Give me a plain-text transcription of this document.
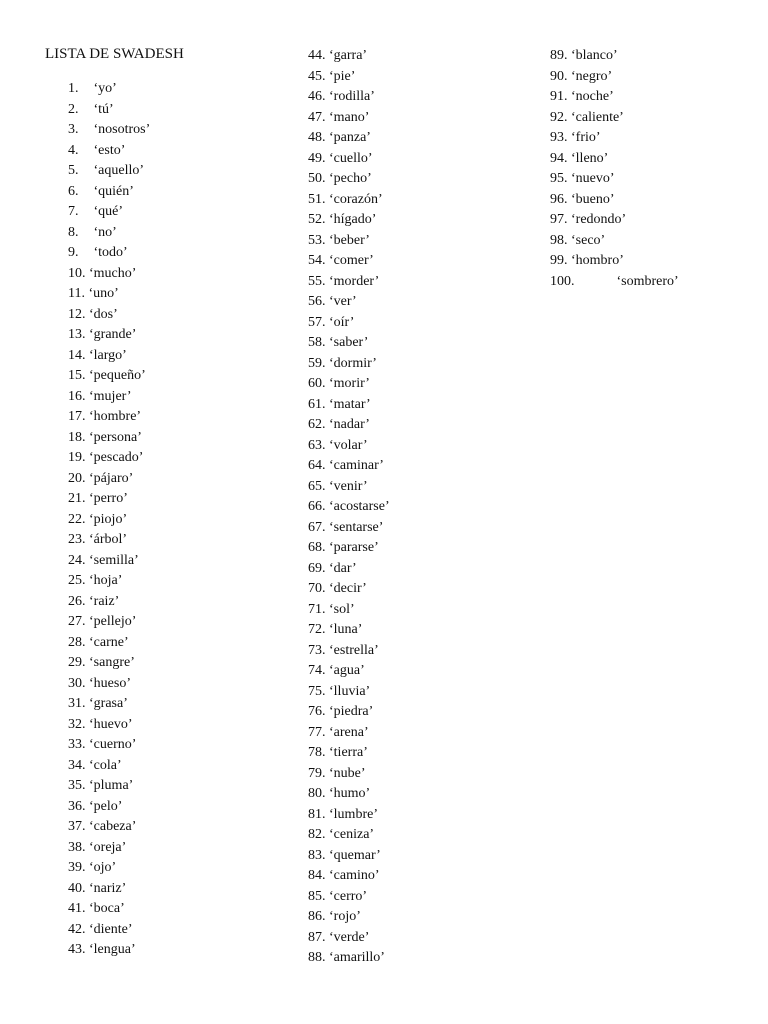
LISTA DE SWADESH
1. ‘yo’
2. ‘tú’
3. ‘nosotros’
4. ‘esto’
5. ‘aquello’
6. ‘quién’
7. ‘qué’
8. ‘no’
9. ‘todo’
10. ‘mucho’
11. ‘uno’
12. ‘dos’
13. ‘grande’
14. ‘largo’
15. ‘pequeño’
16. ‘mujer’
17. ‘hombre’
18. ‘persona’
19. ‘pescado’
20. ‘pájaro’
21. ‘perro’
22. ‘piojo’
23. ‘árbol’
24. ‘semilla’
25. ‘hoja’
26. ‘raiz’
27. ‘pellejo’
28. ‘carne’
29. ‘sangre’
30. ‘hueso’
31. ‘grasa’
32. ‘huevo’
33. ‘cuerno’
34. ‘cola’
35. ‘pluma’
36. ‘pelo’
37. ‘cabeza’
38. ‘oreja’
39. ‘ojo’
40. ‘nariz’
41. ‘boca’
42. ‘diente’
43. ‘lengua’
44. ‘garra’
45. ‘pie’
46. ‘rodilla’
47. ‘mano’
48. ‘panza’
49. ‘cuello’
50. ‘pecho’
51. ‘corazón’
52. ‘hígado’
53. ‘beber’
54. ‘comer’
55. ‘morder’
56. ‘ver’
57. ‘oír’
58. ‘saber’
59. ‘dormir’
60. ‘morir’
61. ‘matar’
62. ‘nadar’
63. ‘volar’
64. ‘caminar’
65. ‘venir’
66. ‘acostarse’
67. ‘sentarse’
68. ‘pararse’
69. ‘dar’
70. ‘decir’
71. ‘sol’
72. ‘luna’
73. ‘estrella’
74. ‘agua’
75. ‘lluvia’
76. ‘piedra’
77. ‘arena’
78. ‘tierra’
79. ‘nube’
80. ‘humo’
81. ‘lumbre’
82. ‘ceniza’
83. ‘quemar’
84. ‘camino’
85. ‘cerro’
86. ‘rojo’
87. ‘verde’
88. ‘amarillo’
89. ‘blanco’
90. ‘negro’
91. ‘noche’
92. ‘caliente’
93. ‘frio’
94. ‘lleno’
95. ‘nuevo’
96. ‘bueno’
97. ‘redondo’
98. ‘seco’
99. ‘hombro’
100.	‘sombrero’
